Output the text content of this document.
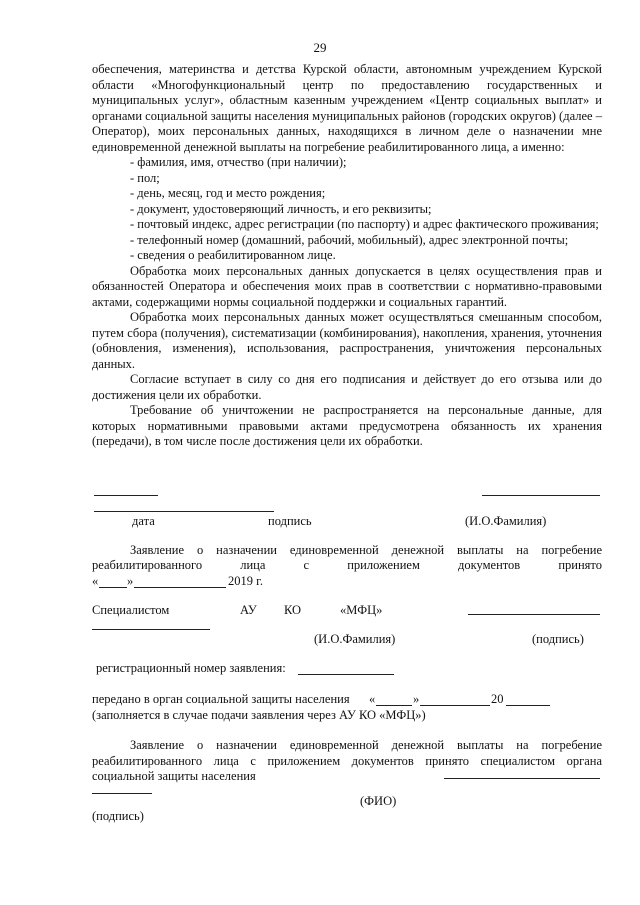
29

обеспечения, материнства и детства Курской области, автономным учреждением Курской области «Многофункциональный центр по предоставлению государственных и муниципальных услуг», областным казенным учреждением «Центр социальных выплат» и органами социальной защиты населения муниципальных районов (городских округов) (далее – Оператор), моих персональных данных, находящихся в личном деле о назначении мне единовременной денежной выплаты на погребение реабилитированного лица, а именно:

- фамилия, имя, отчество (при наличии);

- пол;

- день, месяц, год и место рождения;

- документ, удостоверяющий личность, и его реквизиты;

- почтовый индекс, адрес регистрации (по паспорту) и адрес фактического проживания;

- телефонный номер (домашний, рабочий, мобильный), адрес электронной почты;

- сведения о реабилитированном лице.

Обработка моих персональных данных допускается в целях осуществления прав и обязанностей Оператора и обеспечения моих прав в соответствии с нормативно-правовыми актами, содержащими нормы социальной поддержки и социальных гарантий.

Обработка моих персональных данных может осуществляться смешанным способом, путем сбора (получения), систематизации (комбинирования), накопления, хранения, уточнения (обновления, изменения), использования, распространения, уничтожения персональных данных.

Согласие вступает в силу со дня его подписания и действует до его отзыва или до достижения цели их обработки.

Требование об уничтожении не распространяется на персональные данные, для которых нормативными правовыми актами предусмотрена обязанность их хранения (передачи), в том числе после достижения цели их обработки.

дата	подпись	(И.О.Фамилия)
Заявление о назначении единовременной денежной выплаты на погребение
реабилитированного	лица	с	приложением	документов	принято
« »	2019 г.
Специалистом	АУ КО	«МФЦ»
(И.О.Фамилия)	(подпись)
регистрационный номер заявления:
передано в орган социальной защиты населения «	»	20
(заполняется в случае подачи заявления через АУ КО «МФЦ»)
Заявление о назначении единовременной денежной выплаты на погребение реабилитированного лица с приложением документов принято специалистом органа социальной защиты населения
(ФИО)
(подпись)
